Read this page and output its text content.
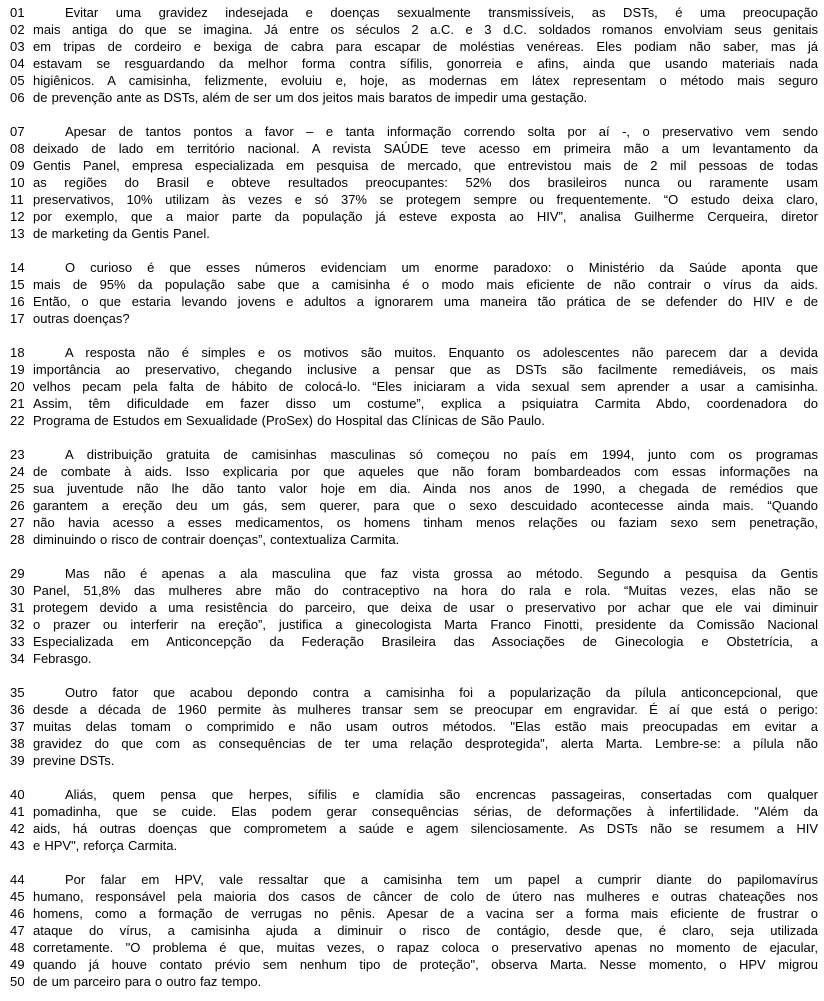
01	Evitar uma gravidez indesejada e doenças sexualmente transmissíveis, as DSTs, é uma preocupação
02 mais antiga do que se imagina. Já entre os séculos 2 a.C. e 3 d.C. soldados romanos envolviam seus genitais
03 em tripas de cordeiro e bexiga de cabra para escapar de moléstias venéreas. Eles podiam não saber, mas já
04 estavam se resguardando da melhor forma contra sífilis, gonorreia e afins, ainda que usando materiais nada
05 higiênicos. A camisinha, felizmente, evoluiu e, hoje, as modernas em látex representam o método mais seguro
06 de prevenção ante as DSTs, além de ser um dos jeitos mais baratos de impedir uma gestação.
07	Apesar de tantos pontos a favor – e tanta informação correndo solta por aí -, o preservativo vem sendo
08 deixado de lado em território nacional. A revista SAÚDE teve acesso em primeira mão a um levantamento da
09 Gentis Panel, empresa especializada em pesquisa de mercado, que entrevistou mais de 2 mil pessoas de todas
10 as regiões do Brasil e obteve resultados preocupantes: 52% dos brasileiros nunca ou raramente usam
11 preservativos, 10% utilizam às vezes e só 37% se protegem sempre ou frequentemente. “O estudo deixa claro,
12 por exemplo, que a maior parte da população já esteve exposta ao HIV”, analisa Guilherme Cerqueira, diretor
13 de marketing da Gentis Panel.
14	O curioso é que esses números evidenciam um enorme paradoxo: o Ministério da Saúde aponta que
15 mais de 95% da população sabe que a camisinha é o modo mais eficiente de não contrair o vírus da aids.
16 Então, o que estaria levando jovens e adultos a ignorarem uma maneira tão prática de se defender do HIV e de
17 outras doenças?
18	A resposta não é simples e os motivos são muitos. Enquanto os adolescentes não parecem dar a devida
19 importância ao preservativo, chegando inclusive a pensar que as DSTs são facilmente remediáveis, os mais
20 velhos pecam pela falta de hábito de colocá-lo. “Eles iniciaram a vida sexual sem aprender a usar a camisinha.
21 Assim, têm dificuldade em fazer disso um costume”, explica a psiquiatra Carmita Abdo, coordenadora do
22 Programa de Estudos em Sexualidade (ProSex) do Hospital das Clínicas de São Paulo.
23	A distribuição gratuita de camisinhas masculinas só começou no país em 1994, junto com os programas
24 de combate à aids. Isso explicaria por que aqueles que não foram bombardeados com essas informações na
25 sua juventude não lhe dão tanto valor hoje em dia. Ainda nos anos de 1990, a chegada de remédios que
26 garantem a ereção deu um gás, sem querer, para que o sexo descuidado acontecesse ainda mais. “Quando
27 não havia acesso a esses medicamentos, os homens tinham menos relações ou faziam sexo sem penetração,
28 diminuindo o risco de contrair doenças”, contextualiza Carmita.
29	Mas não é apenas a ala masculina que faz vista grossa ao método. Segundo a pesquisa da Gentis
30 Panel, 51,8% das mulheres abre mão do contraceptivo na hora do rala e rola. “Muitas vezes, elas não se
31 protegem devido a uma resistência do parceiro, que deixa de usar o preservativo por achar que ele vai diminuir
32 o prazer ou interferir na ereção”, justifica a ginecologista Marta Franco Finotti, presidente da Comissão Nacional
33 Especializada em Anticoncepção da Federação Brasileira das Associações de Ginecologia e Obstetrícia, a
34 Febrasgo.
35	Outro fator que acabou depondo contra a camisinha foi a popularização da pílula anticoncepcional, que
36 desde a década de 1960 permite às mulheres transar sem se preocupar em engravidar. É aí que está o perigo:
37 muitas delas tomam o comprimido e não usam outros métodos. "Elas estão mais preocupadas em evitar a
38 gravidez do que com as consequências de ter uma relação desprotegida", alerta Marta. Lembre-se: a pílula não
39 previne DSTs.
40	Aliás, quem pensa que herpes, sífilis e clamídia são encrencas passageiras, consertadas com qualquer
41 pomadinha, que se cuide. Elas podem gerar consequências sérias, de deformações à infertilidade. "Além da
42 aids, há outras doenças que comprometem a saúde e agem silenciosamente. As DSTs não se resumem a HIV
43 e HPV", reforça Carmita.
44	Por falar em HPV, vale ressaltar que a camisinha tem um papel a cumprir diante do papilomavírus
45 humano, responsável pela maioria dos casos de câncer de colo de útero nas mulheres e outras chateações nos
46 homens, como a formação de verrugas no pênis. Apesar de a vacina ser a forma mais eficiente de frustrar o
47 ataque do vírus, a camisinha ajuda a diminuir o risco de contágio, desde que, é claro, seja utilizada
48 corretamente. "O problema é que, muitas vezes, o rapaz coloca o preservativo apenas no momento de ejacular,
49 quando já houve contato prévio sem nenhum tipo de proteção", observa Marta. Nesse momento, o HPV migrou
50 de um parceiro para o outro faz tempo.
